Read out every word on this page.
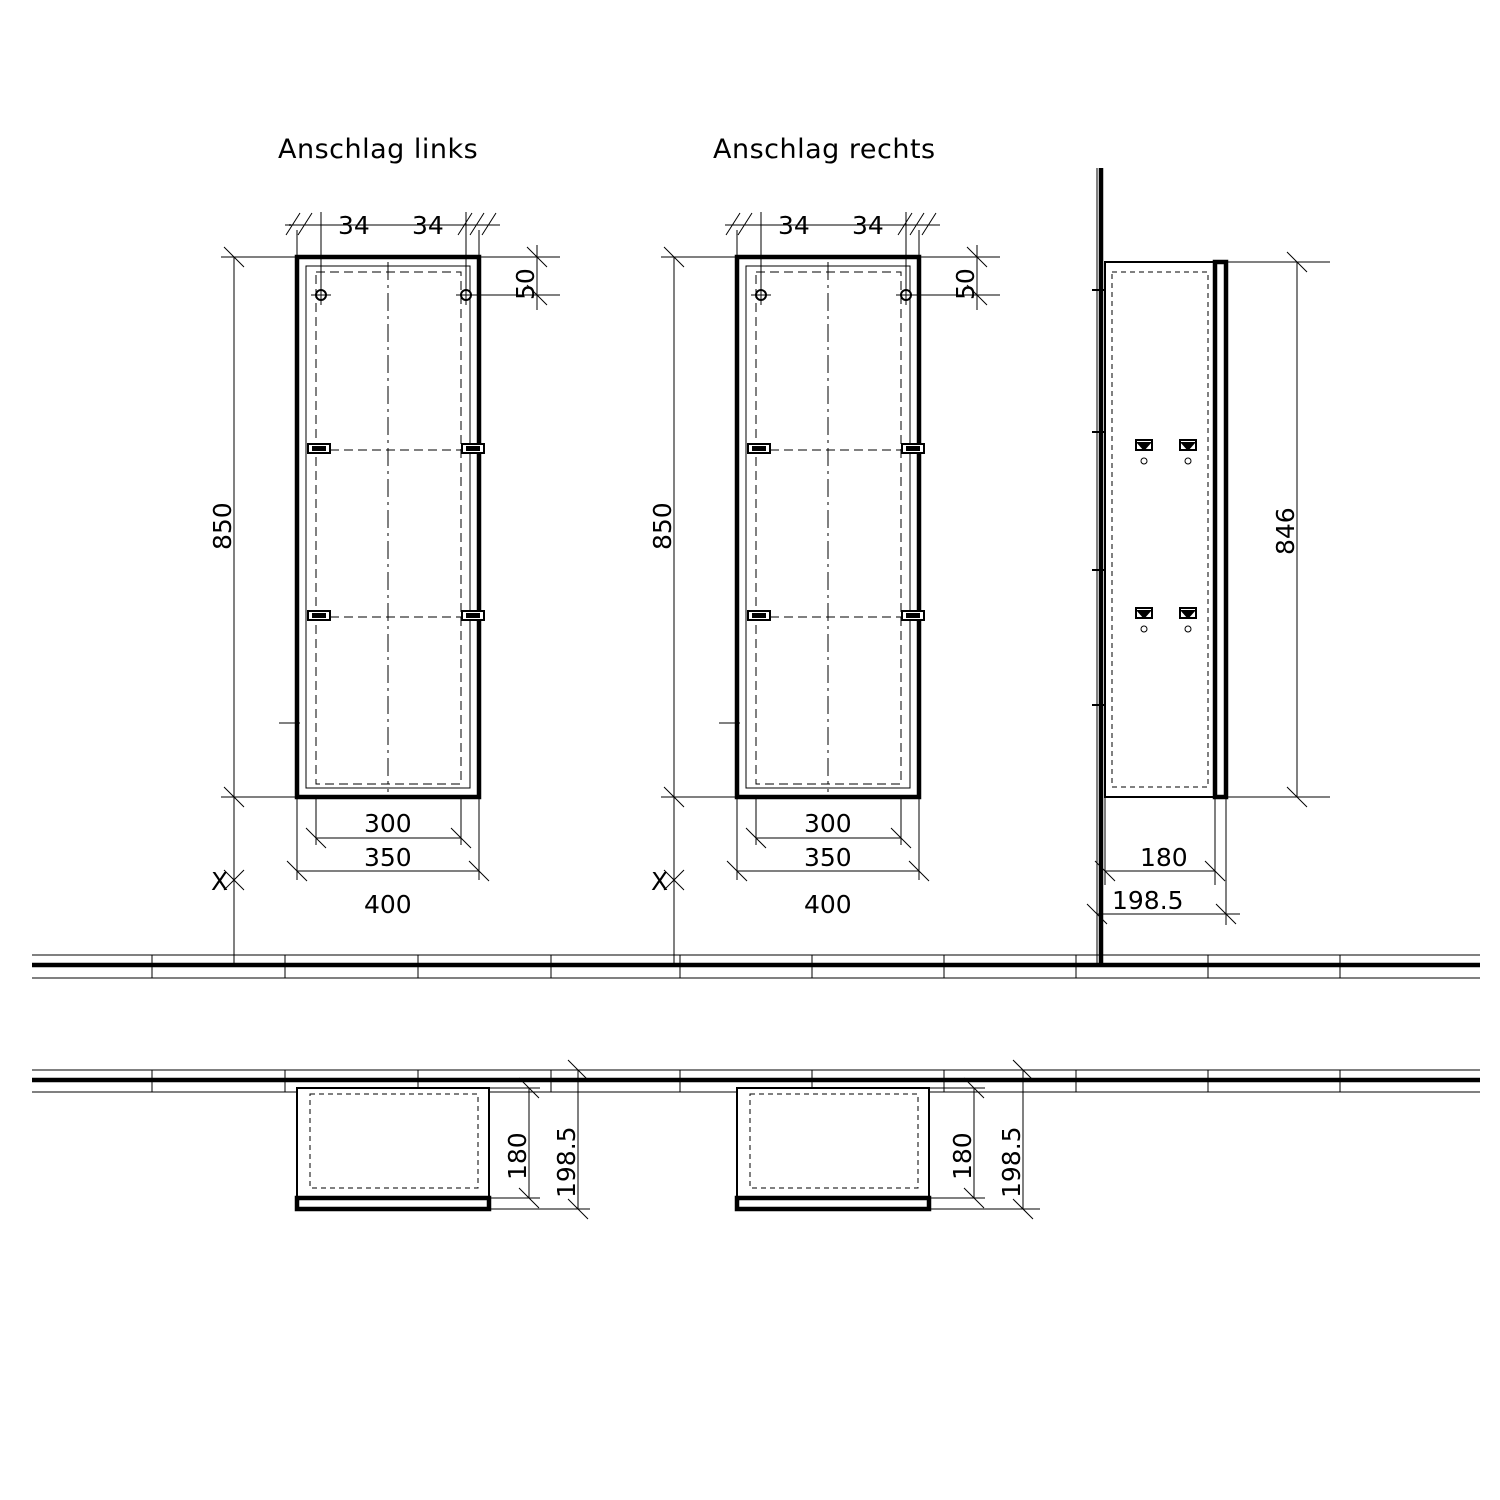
Anschlag links	Anschlag rechts
850
X
34 34
50
300
350
400
850
X
34 34
50
300
350
400
846
180
198.5
180 198.5	180 198.5
